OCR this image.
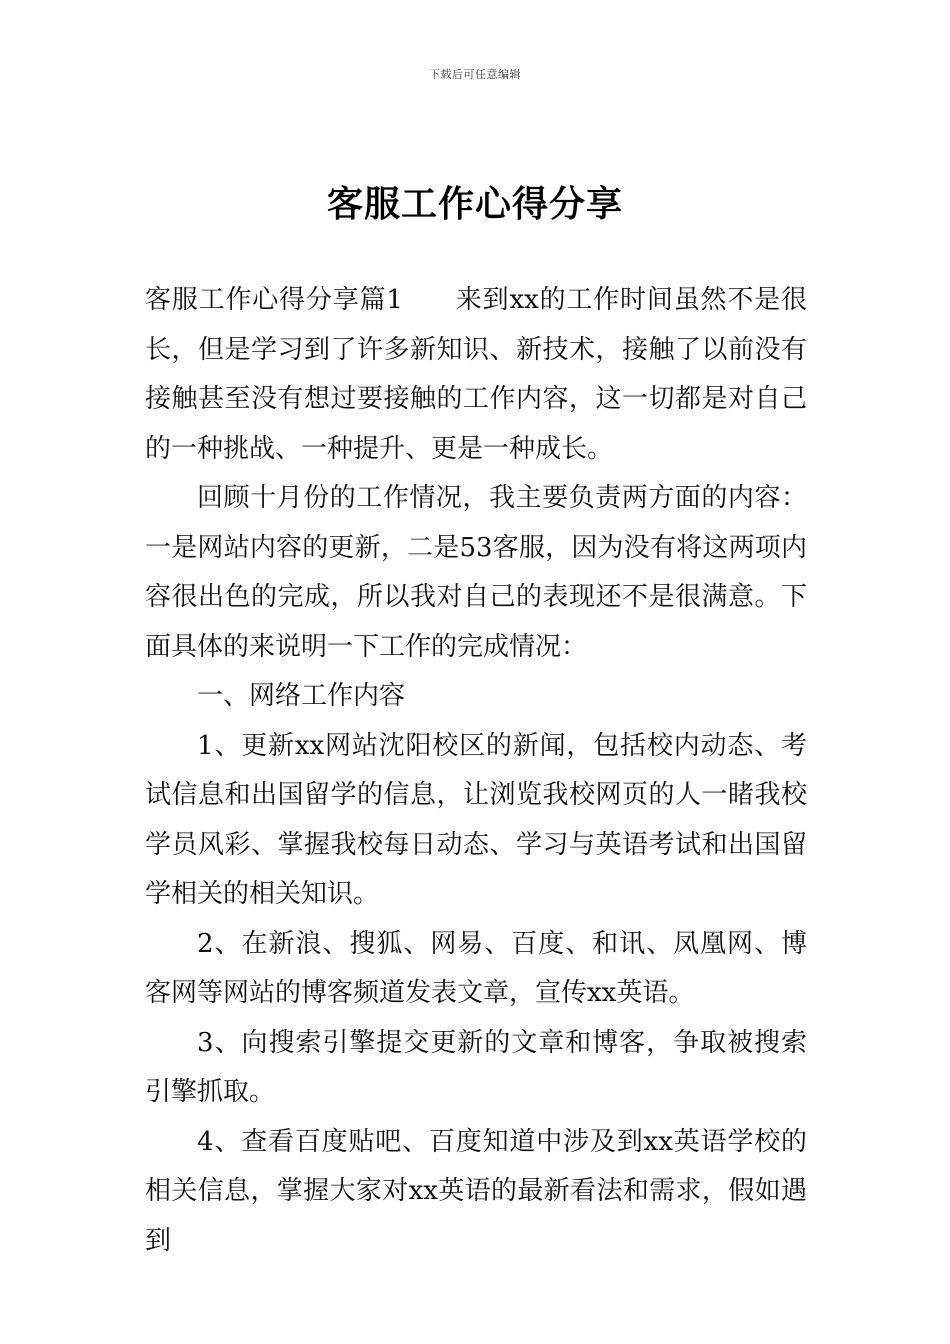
下载后可任意编辑
客服工作心得分享

客服工作心得分享篇1 来到xx的工作时间虽然不是很长，但是学习到了许多新知识、新技术，接触了以前没有接触甚至没有想过要接触的工作内容，这一切都是对自己的一种挑战、一种提升、更是一种成长。

回顾十月份的工作情况，我主要负责两方面的内容：一是网站内容的更新，二是53客服，因为没有将这两项内容很出色的完成，所以我对自己的表现还不是很满意。下面具体的来说明一下工作的完成情况：

一、网络工作内容

1、更新xx网站沈阳校区的新闻，包括校内动态、考试信息和出国留学的信息，让浏览我校网页的人一睹我校学员风彩、掌握我校每日动态、学习与英语考试和出国留学相关的相关知识。

2、在新浪、搜狐、网易、百度、和讯、凤凰网、博客网等网站的博客频道发表文章，宣传xx英语。

3、向搜索引擎提交更新的文章和博客，争取被搜索引擎抓取。

4、查看百度贴吧、百度知道中涉及到xx英语学校的相关信息，掌握大家对xx英语的最新看法和需求，假如遇到
